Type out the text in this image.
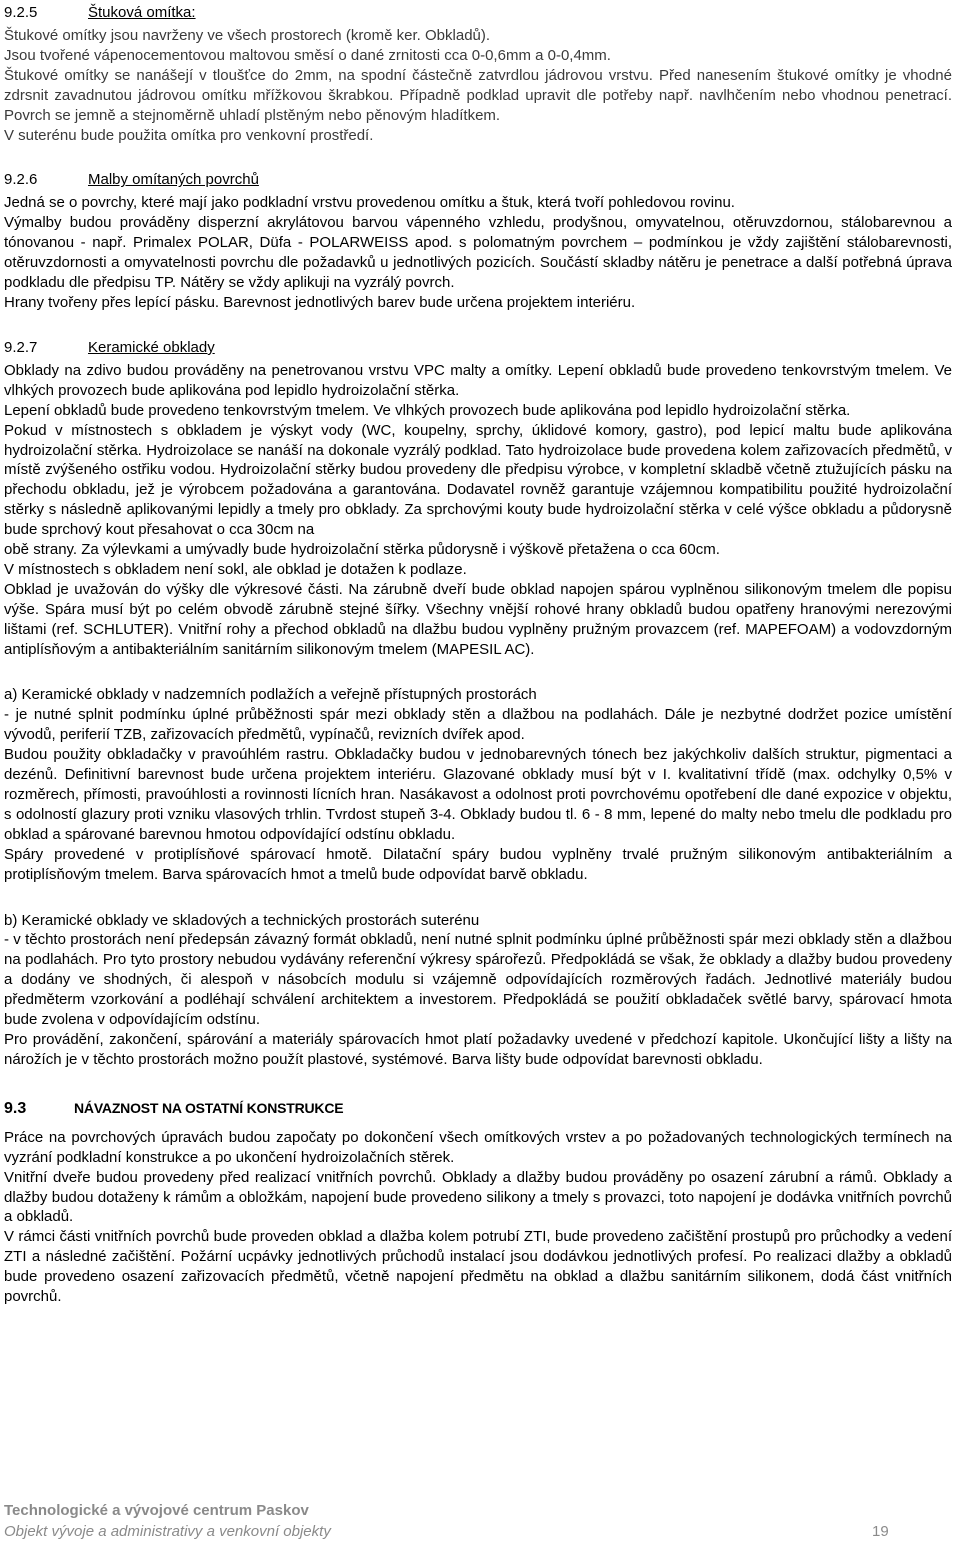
9.2.5	Štuková omítka:

Štukové omítky jsou navrženy ve všech prostorech (kromě ker. Obkladů).

Jsou tvořené vápenocementovou maltovou směsí o dané zrnitosti cca 0-0,6mm a 0-0,4mm.

Štukové omítky se nanášejí v tloušťce do 2mm, na spodní částečně zatvrdlou jádrovou vrstvu. Před nanesením štukové omítky je vhodné zdrsnit zavadnutou jádrovou omítku mřížkovou škrabkou. Případně podklad upravit dle potřeby např. navlhčením nebo vhodnou penetrací. Povrch se jemně a stejnoměrně uhladí plstěným nebo pěnovým hladítkem.

V suterénu bude použita omítka pro venkovní prostředí.

9.2.6	Malby omítaných povrchů

Jedná se o povrchy, které mají jako podkladní vrstvu provedenou omítku a štuk, která tvoří pohledovou rovinu.

Výmalby budou prováděny disperzní akrylátovou barvou vápenného vzhledu, prodyšnou, omyvatelnou, otěruvzdornou, stálobarevnou a tónovanou - např. Primalex POLAR, Düfa - POLARWEISS apod. s polomatným povrchem – podmínkou je vždy zajištění stálobarevnosti, otěruvzdornosti a omyvatelnosti povrchu dle požadavků u jednotlivých pozicích. Součástí skladby nátěru je penetrace a další potřebná úprava podkladu dle předpisu TP. Nátěry se vždy aplikuji na vyzrálý povrch.

Hrany tvořeny přes lepící pásku. Barevnost jednotlivých barev bude určena projektem interiéru.

9.2.7	Keramické obklady

Obklady na zdivo budou prováděny na penetrovanou vrstvu VPC malty a omítky. Lepení obkladů bude provedeno tenkovrstvým tmelem. Ve vlhkých provozech bude aplikována pod lepidlo hydroizolační stěrka.

Lepení obkladů bude provedeno tenkovrstvým tmelem. Ve vlhkých provozech bude aplikována pod lepidlo hydroizolační stěrka.

Pokud v místnostech s obkladem je výskyt vody (WC, koupelny, sprchy, úklidové komory, gastro), pod lepicí maltu bude aplikována hydroizolační stěrka. Hydroizolace se nanáší na dokonale vyzrálý podklad. Tato hydroizolace bude provedena kolem zařizovacích předmětů, v místě zvýšeného ostřiku vodou. Hydroizolační stěrky budou provedeny dle předpisu výrobce, v kompletní skladbě včetně ztužujících pásku na přechodu obkladu, jež je výrobcem požadována a garantována. Dodavatel rovněž garantuje vzájemnou kompatibilitu použité hydroizolační stěrky s následně aplikovanými lepidly a tmely pro obklady. Za sprchovými kouty bude hydroizolační stěrka v celé výšce obkladu a půdorysně bude sprchový kout přesahovat o cca 30cm na

obě strany. Za výlevkami a umývadly bude hydroizolační stěrka půdorysně i výškově přetažena o cca 60cm.

V místnostech s obkladem není sokl, ale obklad je dotažen k podlaze.

Obklad je uvažován do výšky dle výkresové části. Na zárubně dveří bude obklad napojen spárou vyplněnou silikonovým tmelem dle popisu výše. Spára musí být po celém obvodě zárubně stejné šířky. Všechny vnější rohové hrany obkladů budou opatřeny hranovými nerezovými lištami (ref. SCHLUTER). Vnitřní rohy a přechod obkladů na dlažbu budou vyplněny pružným provazcem (ref. MAPEFOAM) a vodovzdorným antiplísňovým a antibakteriálním sanitárním silikonovým tmelem (MAPESIL AC).

a) Keramické obklady v nadzemních podlažích a veřejně přístupných prostorách

- je nutné splnit podmínku úplné průběžnosti spár mezi obklady stěn a dlažbou na podlahách. Dále je nezbytné dodržet pozice umístění vývodů, periferií TZB, zařizovacích předmětů, vypínačů, revizních dvířek apod.

Budou použity obkladačky v pravoúhlém rastru. Obkladačky budou v jednobarevných tónech bez jakýchkoliv dalších struktur, pigmentaci a dezénů. Definitivní barevnost bude určena projektem interiéru. Glazované obklady musí být v I. kvalitativní třídě (max. odchylky 0,5% v rozměrech, přímosti, pravoúhlosti a rovinnosti lícních hran. Nasákavost a odolnost proti povrchovému opotřebení dle dané expozice v objektu, s odolností glazury proti vzniku vlasových trhlin. Tvrdost stupeň 3-4. Obklady budou tl. 6 - 8 mm, lepené do malty nebo tmelu dle podkladu pro obklad a spárované barevnou hmotou odpovídající odstínu obkladu.

Spáry provedené v protiplísňové spárovací hmotě. Dilatační spáry budou vyplněny trvalé pružným silikonovým antibakteriálním a protiplísňovým tmelem. Barva spárovacích hmot a tmelů bude odpovídat barvě obkladu.

b) Keramické obklady ve skladových a technických prostorách suterénu

- v těchto prostorách není předepsán závazný formát obkladů, není nutné splnit podmínku úplné průběžnosti spár mezi obklady stěn a dlažbou na podlahách. Pro tyto prostory nebudou vydávány referenční výkresy spárořezů. Předpokládá se však, že obklady a dlažby budou provedeny a dodány ve shodných, či alespoň v násobcích modulu si vzájemně odpovídajících rozměrových řadách. Jednotlivé materiály budou předměterm vzorkování a podléhají schválení architektem a investorem. Předpokládá se použití obkladaček světlé barvy, spárovací hmota bude zvolena v odpovídajícím odstínu.

Pro provádění, zakončení, spárování a materiály spárovacích hmot platí požadavky uvedené v předchozí kapitole. Ukončující lišty a lišty na nárožích je v těchto prostorách možno použít plastové, systémové. Barva lišty bude odpovídat barevnosti obkladu.

9.3	NÁVAZNOST NA OSTATNÍ KONSTRUKCE

Práce na povrchových úpravách budou započaty po dokončení všech omítkových vrstev a po požadovaných technologických termínech na vyzrání podkladní konstrukce a po ukončení hydroizolačních stěrek.

Vnitřní dveře budou provedeny před realizací vnitřních povrchů. Obklady a dlažby budou prováděny po osazení zárubní a rámů. Obklady a dlažby budou dotaženy k rámům a obložkám, napojení bude provedeno silikony a tmely s provazci, toto napojení je dodávka vnitřních povrchů a obkladů.

V rámci části vnitřních povrchů bude proveden obklad a dlažba kolem potrubí ZTI, bude provedeno začištění prostupů pro průchodky a vedení ZTI a následné začištění. Požární ucpávky jednotlivých průchodů instalací jsou dodávkou jednotlivých profesí. Po realizaci dlažby a obkladů bude provedeno osazení zařizovacích předmětů, včetně napojení předmětu na obklad a dlažbu sanitárním silikonem, dodá část vnitřních povrchů.

Technologické a vývojové centrum Paskov
Objekt vývoje a administrativy a venkovní objekty	19
